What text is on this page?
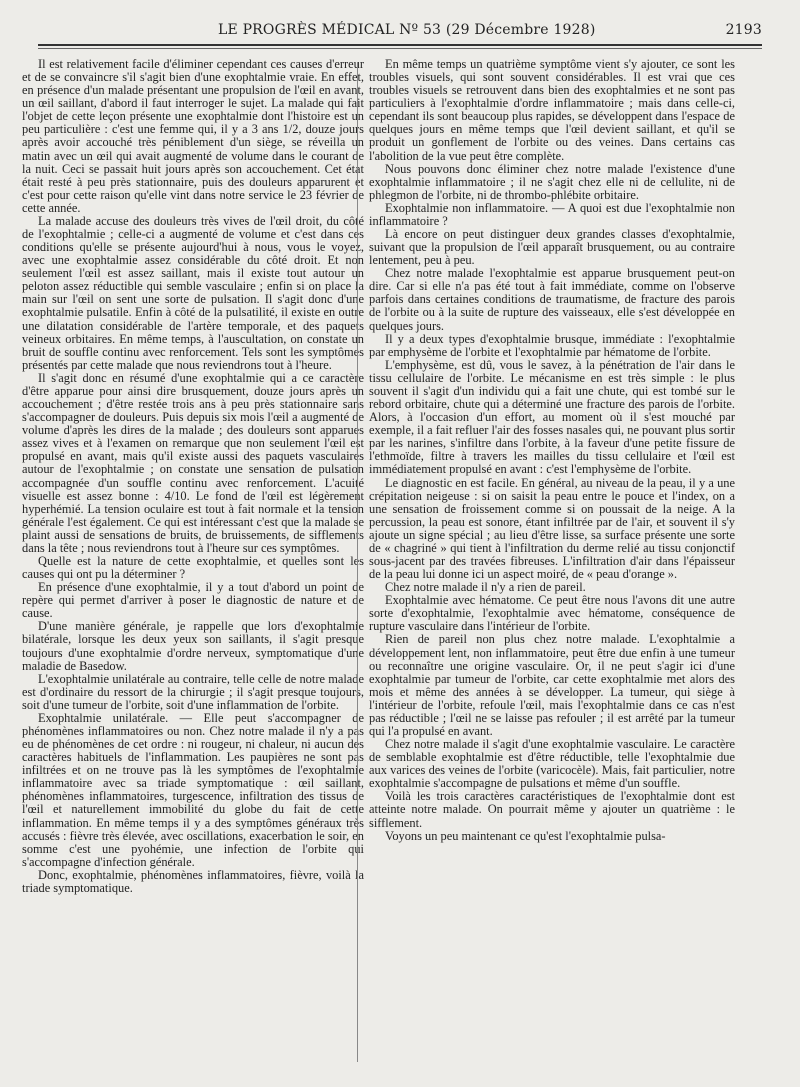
LE PROGRÈS MÉDICAL Nº 53 (29 Décembre 1928)	2193

Il est relativement facile d'éliminer cependant ces causes d'erreur et de se convaincre s'il s'agit bien d'une exophtalmie vraie. En effet, en présence d'un malade présentant une propulsion de l'œil en avant, un œil saillant, d'abord il faut interroger le sujet. La malade qui fait l'objet de cette leçon présente une exophtalmie dont l'histoire est un peu particulière : c'est une femme qui, il y a 3 ans 1/2, douze jours après avoir accouché très péniblement d'un siège, se réveilla un matin avec un œil qui avait augmenté de volume dans le courant de la nuit. Ceci se passait huit jours après son accouchement. Cet état était resté à peu près stationnaire, puis des douleurs apparurent et c'est pour cette raison qu'elle vint dans notre service le 23 février de cette année.

La malade accuse des douleurs très vives de l'œil droit, du côté de l'exophtalmie ; celle-ci a augmenté de volume et c'est dans ces conditions qu'elle se présente aujourd'hui à nous, vous le voyez, avec une exophtalmie assez considérable du côté droit. Et non seulement l'œil est assez saillant, mais il existe tout autour un peloton assez réductible qui semble vasculaire ; enfin si on place la main sur l'œil on sent une sorte de pulsation. Il s'agit donc d'une exophtalmie pulsatile. Enfin à côté de la pulsatilité, il existe en outre une dilatation considérable de l'artère temporale, et des paquets veineux orbitaires. En même temps, à l'auscultation, on constate un bruit de souffle continu avec renforcement. Tels sont les symptômes présentés par cette malade que nous reviendrons tout à l'heure.

Il s'agit donc en résumé d'une exophtalmie qui a ce caractère d'être apparue pour ainsi dire brusquement, douze jours après un accouchement ; d'être restée trois ans à peu près stationnaire sans s'accompagner de douleurs. Puis depuis six mois l'œil a augmenté de volume d'après les dires de la malade ; des douleurs sont apparues assez vives et à l'examen on remarque que non seulement l'œil est propulsé en avant, mais qu'il existe aussi des paquets vasculaires autour de l'exophtalmie ; on constate une sensation de pulsation accompagnée d'un souffle continu avec renforcement. L'acuité visuelle est assez bonne : 4/10. Le fond de l'œil est légèrement hyperhémié. La tension oculaire est tout à fait normale et la tension générale l'est également. Ce qui est intéressant c'est que la malade se plaint aussi de sensations de bruits, de bruissements, de sifflements dans la tête ; nous reviendrons tout à l'heure sur ces symptômes.

Quelle est la nature de cette exophtalmie, et quelles sont les causes qui ont pu la déterminer ?

En présence d'une exophtalmie, il y a tout d'abord un point de repère qui permet d'arriver à poser le diagnostic de nature et de cause.

D'une manière générale, je rappelle que lors d'exophtalmie bilatérale, lorsque les deux yeux son saillants, il s'agit presque toujours d'une exophtalmie d'ordre nerveux, symptomatique d'une maladie de Basedow.

L'exophtalmie unilatérale au contraire, telle celle de notre malade est d'ordinaire du ressort de la chirurgie ; il s'agit presque toujours, soit d'une tumeur de l'orbite, soit d'une inflammation de l'orbite.

Exophtalmie unilatérale. — Elle peut s'accompagner de phénomènes inflammatoires ou non. Chez notre malade il n'y a pas eu de phénomènes de cet ordre : ni rougeur, ni chaleur, ni aucun des caractères habituels de l'inflammation. Les paupières ne sont pas infiltrées et on ne trouve pas là les symptômes de l'exophtalmie inflammatoire avec sa triade symptomatique : œil saillant, phénomènes inflammatoires, turgescence, infiltration des tissus de l'œil et naturellement immobilité du globe du fait de cette inflammation. En même temps il y a des symptômes généraux très accusés : fièvre très élevée, avec oscillations, exacerbation le soir, en somme c'est une pyohémie, une infection de l'orbite qui s'accompagne d'infection générale.

Donc, exophtalmie, phénomènes inflammatoires, fièvre, voilà la triade symptomatique.

En même temps un quatrième symptôme vient s'y ajouter, ce sont les troubles visuels, qui sont souvent considérables. Il est vrai que ces troubles visuels se retrouvent dans bien des exophtalmies et ne sont pas particuliers à l'exophtalmie d'ordre inflammatoire ; mais dans celle-ci, cependant ils sont beaucoup plus rapides, se développent dans l'espace de quelques jours en même temps que l'œil devient saillant, et qu'il se produit un gonflement de l'orbite ou des veines. Dans certains cas l'abolition de la vue peut être complète.

Nous pouvons donc éliminer chez notre malade l'existence d'une exophtalmie inflammatoire ; il ne s'agit chez elle ni de cellulite, ni de phlegmon de l'orbite, ni de thrombo-phlébite orbitaire.

Exophtalmie non inflammatoire. — A quoi est due l'exophtalmie non inflammatoire ?

Là encore on peut distinguer deux grandes classes d'exophtalmie, suivant que la propulsion de l'œil apparaît brusquement, ou au contraire lentement, peu à peu.

Chez notre malade l'exophtalmie est apparue brusquement peut-on dire. Car si elle n'a pas été tout à fait immédiate, comme on l'observe parfois dans certaines conditions de traumatisme, de fracture des parois de l'orbite ou à la suite de rupture des vaisseaux, elle s'est développée en quelques jours.

Il y a deux types d'exophtalmie brusque, immédiate : l'exophtalmie par emphysème de l'orbite et l'exophtalmie par hématome de l'orbite.

L'emphysème, est dû, vous le savez, à la pénétration de l'air dans le tissu cellulaire de l'orbite. Le mécanisme en est très simple : le plus souvent il s'agit d'un individu qui a fait une chute, qui est tombé sur le rebord orbitaire, chute qui a déterminé une fracture des parois de l'orbite. Alors, à l'occasion d'un effort, au moment où il s'est mouché par exemple, il a fait refluer l'air des fosses nasales qui, ne pouvant plus sortir par les narines, s'infiltre dans l'orbite, à la faveur d'une petite fissure de l'ethmoïde, filtre à travers les mailles du tissu cellulaire et l'œil est immédiatement propulsé en avant : c'est l'emphysème de l'orbite.

Le diagnostic en est facile. En général, au niveau de la peau, il y a une crépitation neigeuse : si on saisit la peau entre le pouce et l'index, on a une sensation de froissement comme si on poussait de la neige. A la percussion, la peau est sonore, étant infiltrée par de l'air, et souvent il s'y ajoute un signe spécial ; au lieu d'être lisse, sa surface présente une sorte de « chagriné » qui tient à l'infiltration du derme relié au tissu conjonctif sous-jacent par des travées fibreuses. L'infiltration d'air dans l'épaisseur de la peau lui donne ici un aspect moiré, de « peau d'orange ».

Chez notre malade il n'y a rien de pareil.

Exophtalmie avec hématome. Ce peut être nous l'avons dit une autre sorte d'exophtalmie, l'exophtalmie avec hématome, conséquence de rupture vasculaire dans l'intérieur de l'orbite.

Rien de pareil non plus chez notre malade. L'exophtalmie a développement lent, non inflammatoire, peut être due enfin à une tumeur ou reconnaître une origine vasculaire. Or, il ne peut s'agir ici d'une exophtalmie par tumeur de l'orbite, car cette exophtalmie met alors des mois et même des années à se développer. La tumeur, qui siège à l'intérieur de l'orbite, refoule l'œil, mais l'exophtalmie dans ce cas n'est pas réductible ; l'œil ne se laisse pas refouler ; il est arrêté par la tumeur qui l'a propulsé en avant.

Chez notre malade il s'agit d'une exophtalmie vasculaire. Le caractère de semblable exophtalmie est d'être réductible, telle l'exophtalmie due aux varices des veines de l'orbite (varicocèle). Mais, fait particulier, notre exophtalmie s'accompagne de pulsations et même d'un souffle.

Voilà les trois caractères caractéristiques de l'exophtalmie dont est atteinte notre malade. On pourrait même y ajouter un quatrième : le sifflement.

Voyons un peu maintenant ce qu'est l'exophtalmie pulsa-
